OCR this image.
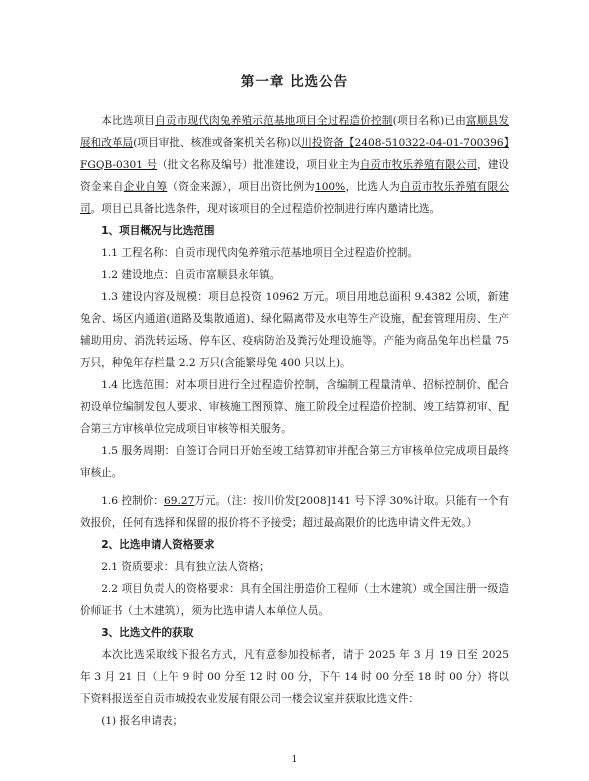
第一章 比选公告

本比选项目自贡市现代肉兔养殖示范基地项目全过程造价控制(项目名称)已由富顺县发展和改革局(项目审批、核准或备案机关名称)以川投资备【2408-510322-04-01-700396】FGQB-0301 号（批文名称及编号）批准建设，项目业主为自贡市牧乐养殖有限公司，建设资金来自企业自筹（资金来源），项目出资比例为100%，比选人为自贡市牧乐养殖有限公司。项目已具备比选条件，现对该项目的全过程造价控制进行库内邀请比选。

1、项目概况与比选范围

1.1 工程名称：自贡市现代肉兔养殖示范基地项目全过程造价控制。

1.2 建设地点：自贡市富顺县永年镇。

1.3 建设内容及规模：项目总投资 10962 万元。项目用地总面积 9.4382 公顷，新建兔舍、场区内通道(道路及集散通道)、绿化隔离带及水电等生产设施，配套管理用房、生产辅助用房、消洗转运场、停车区、疫病防治及粪污处理设施等。产能为商品兔年出栏量 75 万只，种兔年存栏量 2.2 万只(含能繁母兔 400 只以上)。

1.4 比选范围：对本项目进行全过程造价控制，含编制工程量清单、招标控制价、配合初设单位编制发包人要求、审核施工图预算、施工阶段全过程造价控制、竣工结算初审、配合第三方审核单位完成项目审核等相关服务。

1.5 服务周期：自签订合同日开始至竣工结算初审并配合第三方审核单位完成项目最终审核止。

1.6 控制价：69.27万元。（注：按川价发[2008]141 号下浮 30%计取。只能有一个有效报价，任何有选择和保留的报价将不予接受；超过最高限价的比选申请文件无效。）

2、比选申请人资格要求

2.1 资质要求：具有独立法人资格；

2.2 项目负责人的资格要求：具有全国注册造价工程师（土木建筑）或全国注册一级造价师证书（土木建筑），须为比选申请人本单位人员。

3、比选文件的获取

本次比选采取线下报名方式，凡有意参加投标者，请于 2025 年 3 月 19 日至 2025 年 3 月 21 日（上午 9 时 00 分至 12 时 00 分，下午 14 时 00 分至 18 时 00 分）将以下资料报送至自贡市城投农业发展有限公司一楼会议室并获取比选文件：

(1) 报名申请表；

1
